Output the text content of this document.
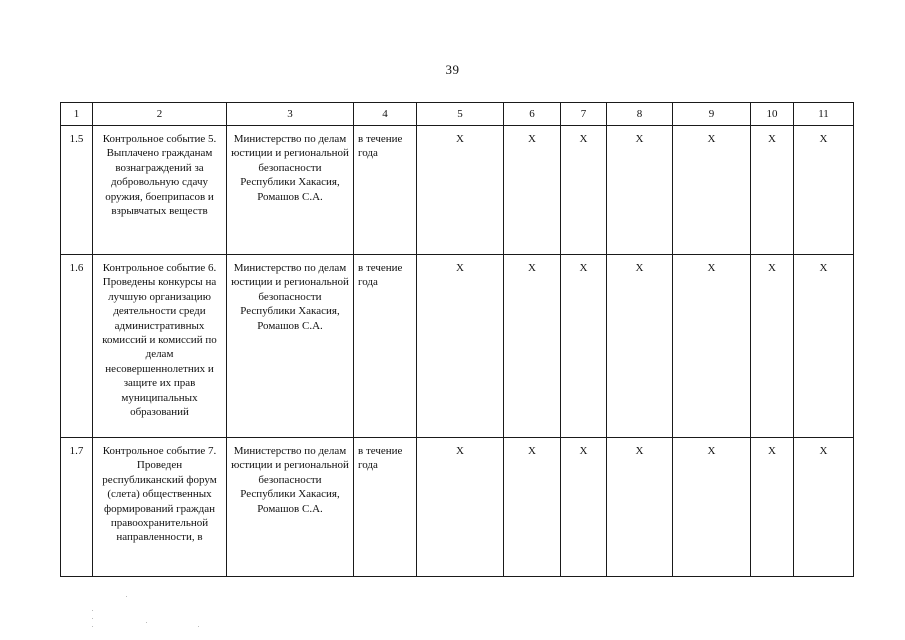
39
1	2	3	4	5	6	7	8	9	10	11
1.5	Контрольное событие 5. Выплачено гражданам вознаграждений за добровольную сдачу оружия, боеприпасов и взрывчатых веществ	Министерство по делам юстиции и региональной безопасности Республики Хакасия, Ромашов С.А.	в течение года	X	X	X	X	X	X	X
1.6	Контрольное событие 6. Проведены конкурсы на лучшую организацию деятельности среди административных комиссий и комиссий по делам несовершеннолетних и защите их прав муниципальных образований	Министерство по делам юстиции и региональной безопасности Республики Хакасия, Ромашов С.А.	в течение года	X	X	X	X	X	X	X
1.7	Контрольное событие 7. Проведен республиканский форум (слета) общественных формирований граждан правоохранительной направленности, в	Министерство по делам юстиции и региональной безопасности Республики Хакасия, Ромашов С.А.	в течение года	X	X	X	X	X	X	X
